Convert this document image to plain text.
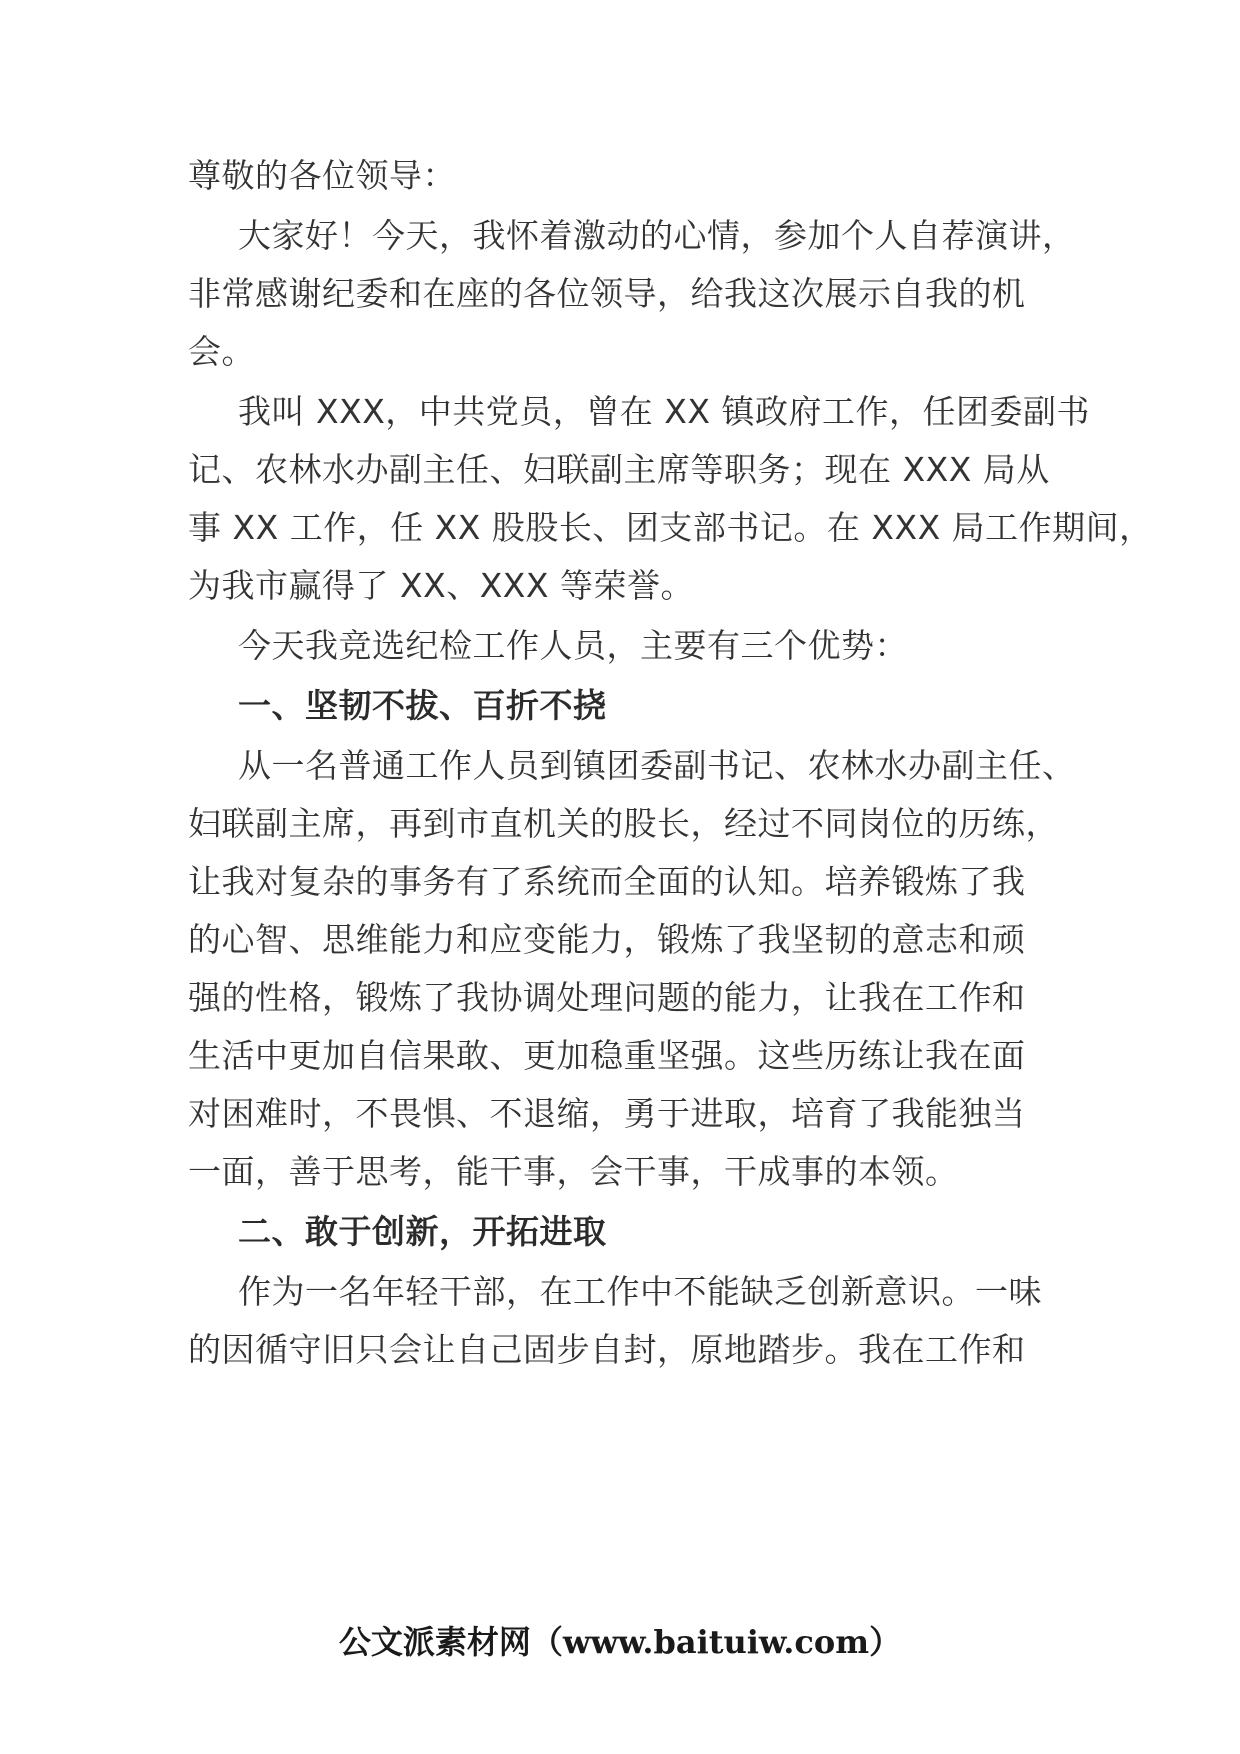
尊敬的各位领导：
大家好！今天，我怀着激动的心情，参加个人自荐演讲，
非常感谢纪委和在座的各位领导，给我这次展示自我的机
会。
我叫 XXX，中共党员，曾在 XX 镇政府工作，任团委副书
记、农林水办副主任、妇联副主席等职务；现在 XXX 局从
事 XX 工作，任 XX 股股长、团支部书记。在 XXX 局工作期间，
为我市赢得了 XX、XXX 等荣誉。
今天我竞选纪检工作人员，主要有三个优势：
一、坚韧不拔、百折不挠
从一名普通工作人员到镇团委副书记、农林水办副主任、
妇联副主席，再到市直机关的股长，经过不同岗位的历练，
让我对复杂的事务有了系统而全面的认知。培养锻炼了我
的心智、思维能力和应变能力，锻炼了我坚韧的意志和顽
强的性格，锻炼了我协调处理问题的能力，让我在工作和
生活中更加自信果敢、更加稳重坚强。这些历练让我在面
对困难时，不畏惧、不退缩，勇于进取，培育了我能独当
一面，善于思考，能干事，会干事，干成事的本领。
二、敢于创新，开拓进取
作为一名年轻干部，在工作中不能缺乏创新意识。一味
的因循守旧只会让自己固步自封，原地踏步。我在工作和
公文派素材网（www.baituiw.com）
